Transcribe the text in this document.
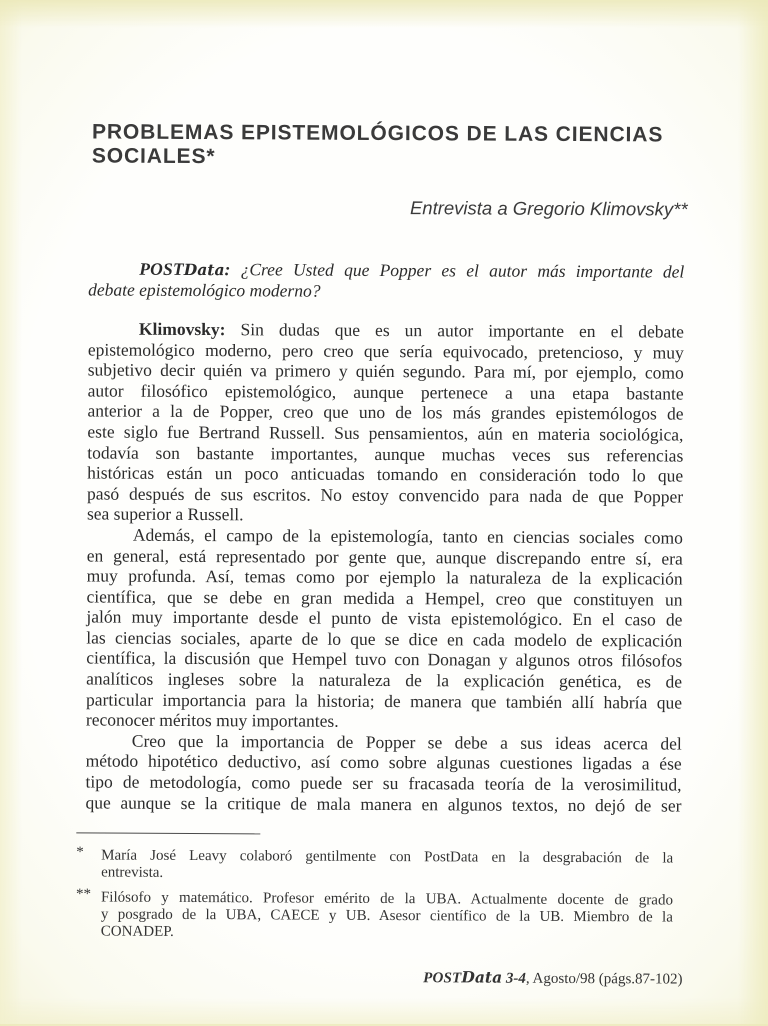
PROBLEMAS EPISTEMOLÓGICOS DE LAS CIENCIAS
SOCIALES*
Entrevista a Gregorio Klimovsky**
POSTData: ¿Cree Usted que Popper es el autor más importante del
debate epistemológico moderno?
Klimovsky: Sin dudas que es un autor importante en el debate
epistemológico moderno, pero creo que sería equivocado, pretencioso, y muy
subjetivo decir quién va primero y quién segundo. Para mí, por ejemplo, como
autor filosófico epistemológico, aunque pertenece a una etapa bastante
anterior a la de Popper, creo que uno de los más grandes epistemólogos de
este siglo fue Bertrand Russell. Sus pensamientos, aún en materia sociológica,
todavía son bastante importantes, aunque muchas veces sus referencias
históricas están un poco anticuadas tomando en consideración todo lo que
pasó después de sus escritos. No estoy convencido para nada de que Popper
sea superior a Russell.
Además, el campo de la epistemología, tanto en ciencias sociales como
en general, está representado por gente que, aunque discrepando entre sí, era
muy profunda. Así, temas como por ejemplo la naturaleza de la explicación
científica, que se debe en gran medida a Hempel, creo que constituyen un
jalón muy importante desde el punto de vista epistemológico. En el caso de
las ciencias sociales, aparte de lo que se dice en cada modelo de explicación
científica, la discusión que Hempel tuvo con Donagan y algunos otros filósofos
analíticos ingleses sobre la naturaleza de la explicación genética, es de
particular importancia para la historia; de manera que también allí habría que
reconocer méritos muy importantes.
Creo que la importancia de Popper se debe a sus ideas acerca del
método hipotético deductivo, así como sobre algunas cuestiones ligadas a ése
tipo de metodología, como puede ser su fracasada teoría de la verosimilitud,
que aunque se la critique de mala manera en algunos textos, no dejó de ser
* María José Leavy colaboró gentilmente con PostData en la desgrabación de la
entrevista.
** Filósofo y matemático. Profesor emérito de la UBA. Actualmente docente de grado
y posgrado de la UBA, CAECE y UB. Asesor científico de la UB. Miembro de la
CONADEP.
POSTData 3-4, Agosto/98 (págs.87-102)
